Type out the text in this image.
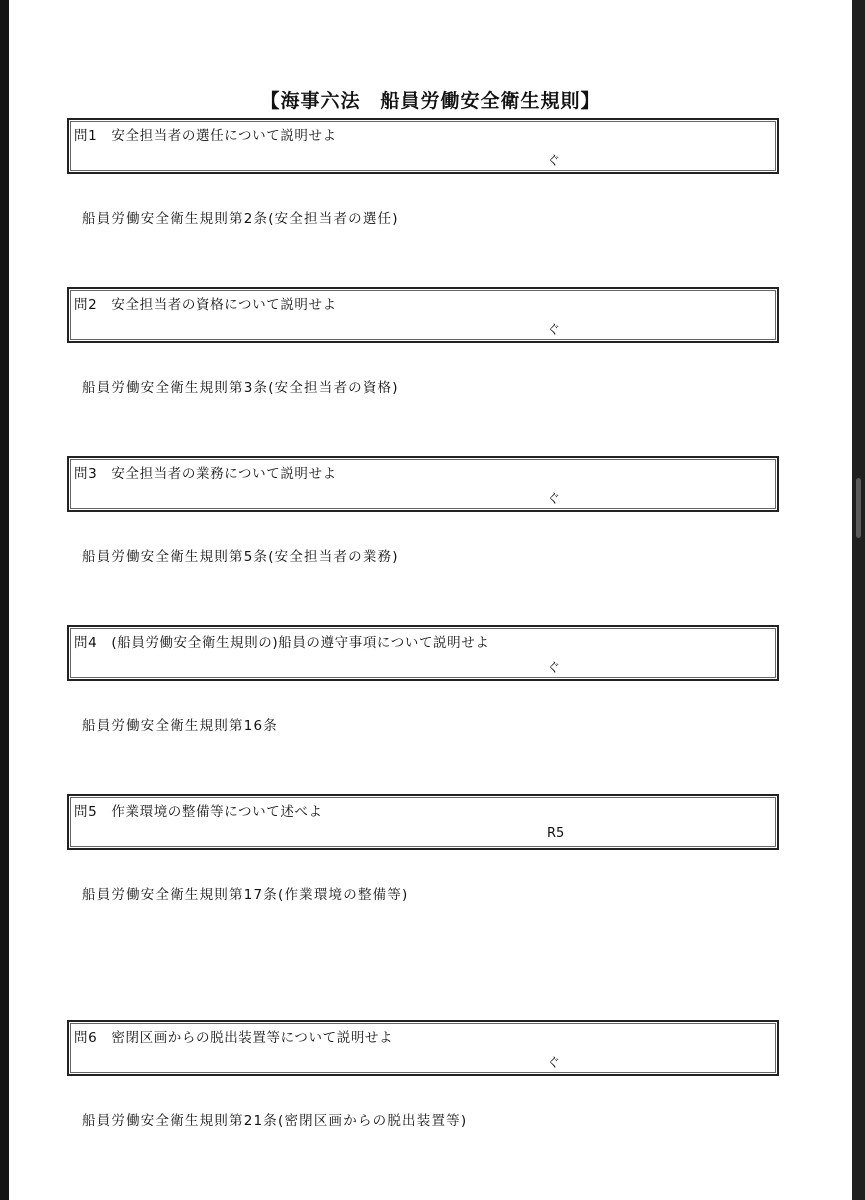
【海事六法　船員労働安全衛生規則】
問1　安全担当者の選任について説明せよ
ぐ
船員労働安全衛生規則第2条(安全担当者の選任)
問2　安全担当者の資格について説明せよ
ぐ
船員労働安全衛生規則第3条(安全担当者の資格)
問3　安全担当者の業務について説明せよ
ぐ
船員労働安全衛生規則第5条(安全担当者の業務)
問4　(船員労働安全衛生規則の)船員の遵守事項について説明せよ
ぐ
船員労働安全衛生規則第16条
問5　作業環境の整備等について述べよ
R5
船員労働安全衛生規則第17条(作業環境の整備等)
問6　密閉区画からの脱出装置等について説明せよ
ぐ
船員労働安全衛生規則第21条(密閉区画からの脱出装置等)
